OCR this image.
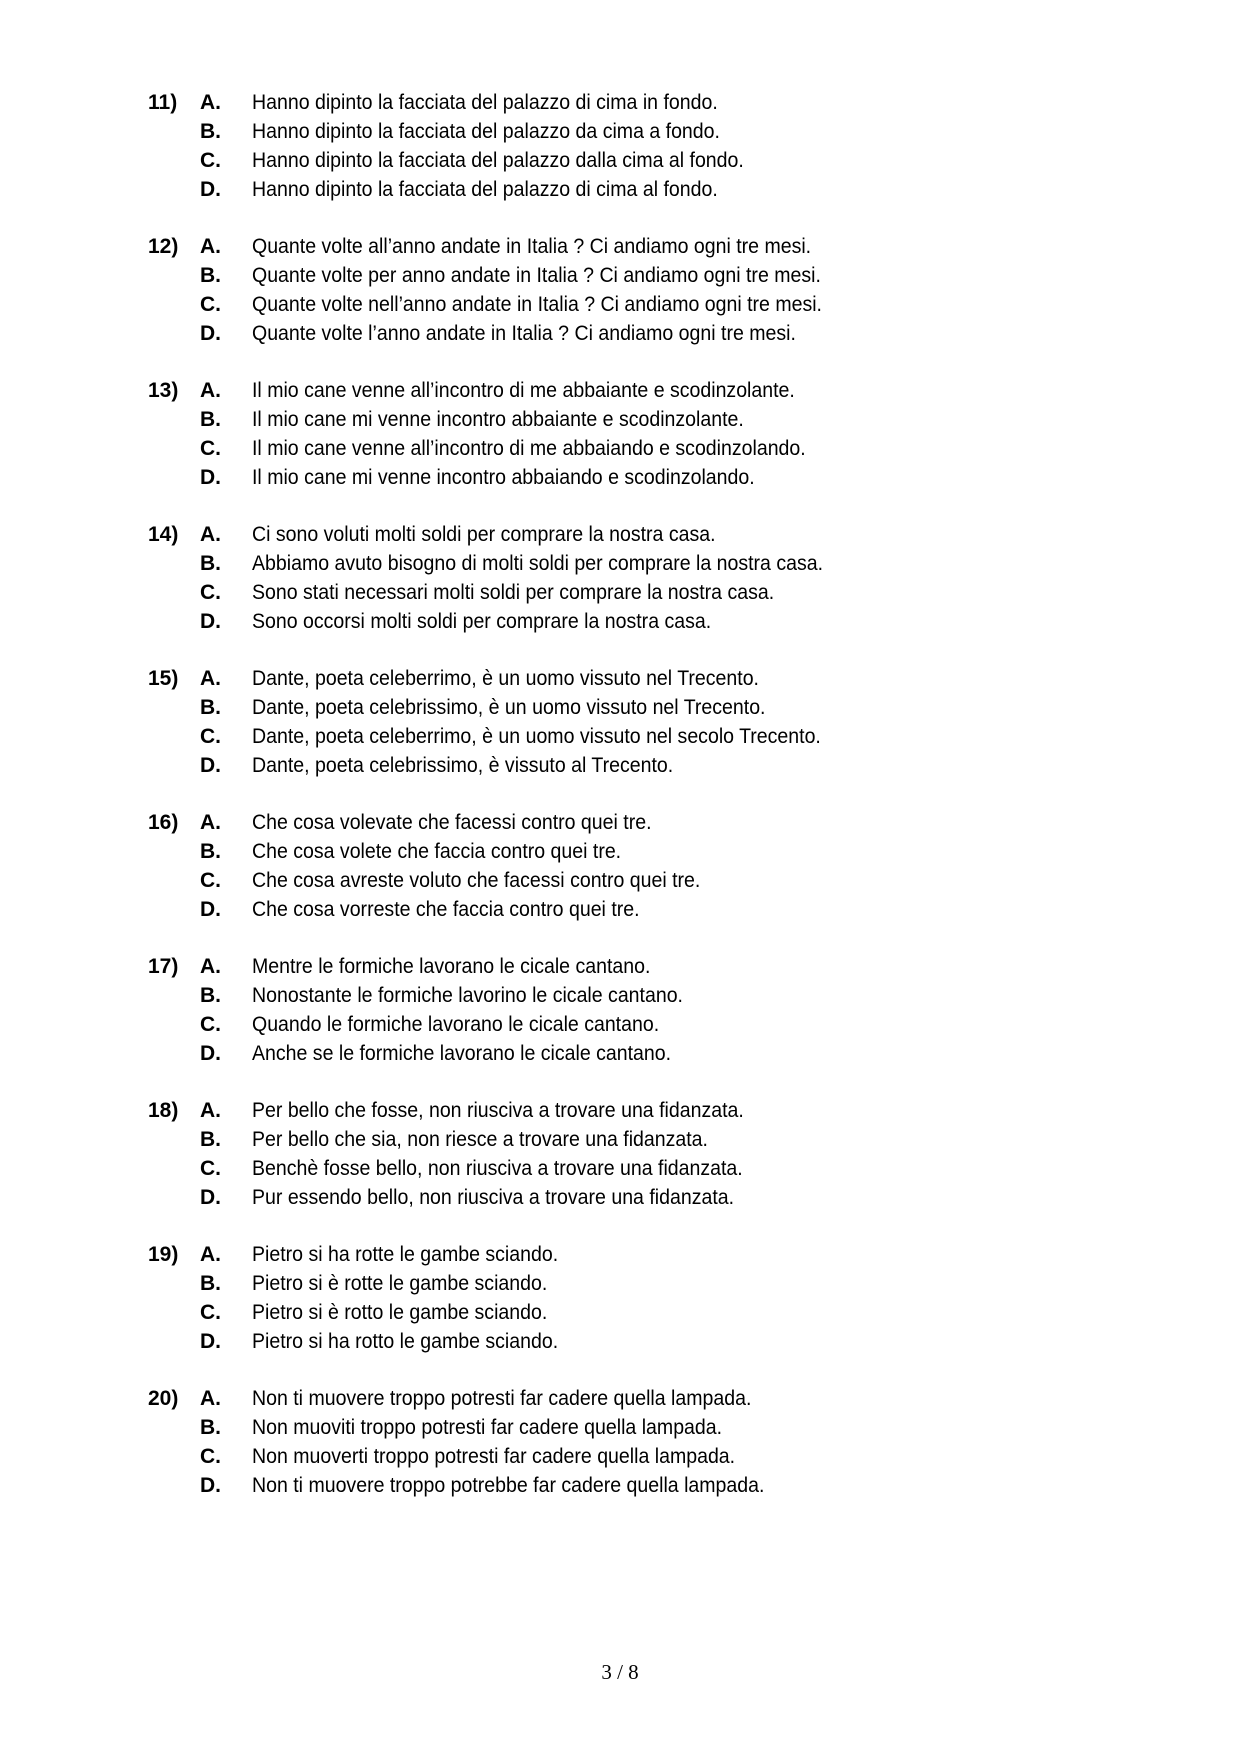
11) A. Hanno dipinto la facciata del palazzo di cima in fondo.
B. Hanno dipinto la facciata del palazzo da cima a fondo.
C. Hanno dipinto la facciata del palazzo dalla cima al fondo.
D. Hanno dipinto la facciata del palazzo di cima al fondo.
12) A. Quante volte all’anno andate in Italia ? Ci andiamo ogni tre mesi.
B. Quante volte per anno andate in Italia ? Ci andiamo ogni tre mesi.
C. Quante volte nell’anno andate in Italia ? Ci andiamo ogni tre mesi.
D. Quante volte l’anno andate in Italia ? Ci andiamo ogni tre mesi.
13) A. Il mio cane venne all’incontro di me abbaiante e scodinzolante.
B. Il mio cane mi venne incontro abbaiante e scodinzolante.
C. Il mio cane venne all’incontro di me abbaiando e scodinzolando.
D. Il mio cane mi venne incontro abbaiando e scodinzolando.
14) A. Ci sono voluti molti soldi per comprare la nostra casa.
B. Abbiamo avuto bisogno di molti soldi per comprare la nostra casa.
C. Sono stati necessari molti soldi per comprare la nostra casa.
D. Sono occorsi molti soldi per comprare la nostra casa.
15) A. Dante, poeta celeberrimo, è un uomo vissuto nel Trecento.
B. Dante, poeta celebrissimo, è un uomo vissuto nel Trecento.
C. Dante, poeta celeberrimo, è un uomo vissuto nel secolo Trecento.
D. Dante, poeta celebrissimo, è vissuto al Trecento.
16) A. Che cosa volevate che facessi contro quei tre.
B. Che cosa volete che faccia contro quei tre.
C. Che cosa avreste voluto che facessi contro quei tre.
D. Che cosa vorreste che faccia contro quei tre.
17) A. Mentre le formiche lavorano le cicale cantano.
B. Nonostante le formiche lavorino le cicale cantano.
C. Quando le formiche lavorano le cicale cantano.
D. Anche se le formiche lavorano le cicale cantano.
18) A. Per bello che fosse, non riusciva a trovare una fidanzata.
B. Per bello che sia, non riesce a trovare una fidanzata.
C. Benchè fosse bello, non riusciva a trovare una fidanzata.
D. Pur essendo bello, non riusciva a trovare una fidanzata.
19) A. Pietro si ha rotte le gambe sciando.
B. Pietro si è rotte le gambe sciando.
C. Pietro si è rotto le gambe sciando.
D. Pietro si ha rotto le gambe sciando.
20) A. Non ti muovere troppo potresti far cadere quella lampada.
B. Non muoviti troppo potresti far cadere quella lampada.
C. Non muoverti troppo potresti far cadere quella lampada.
D. Non ti muovere troppo potrebbe far cadere quella lampada.
3 / 8
